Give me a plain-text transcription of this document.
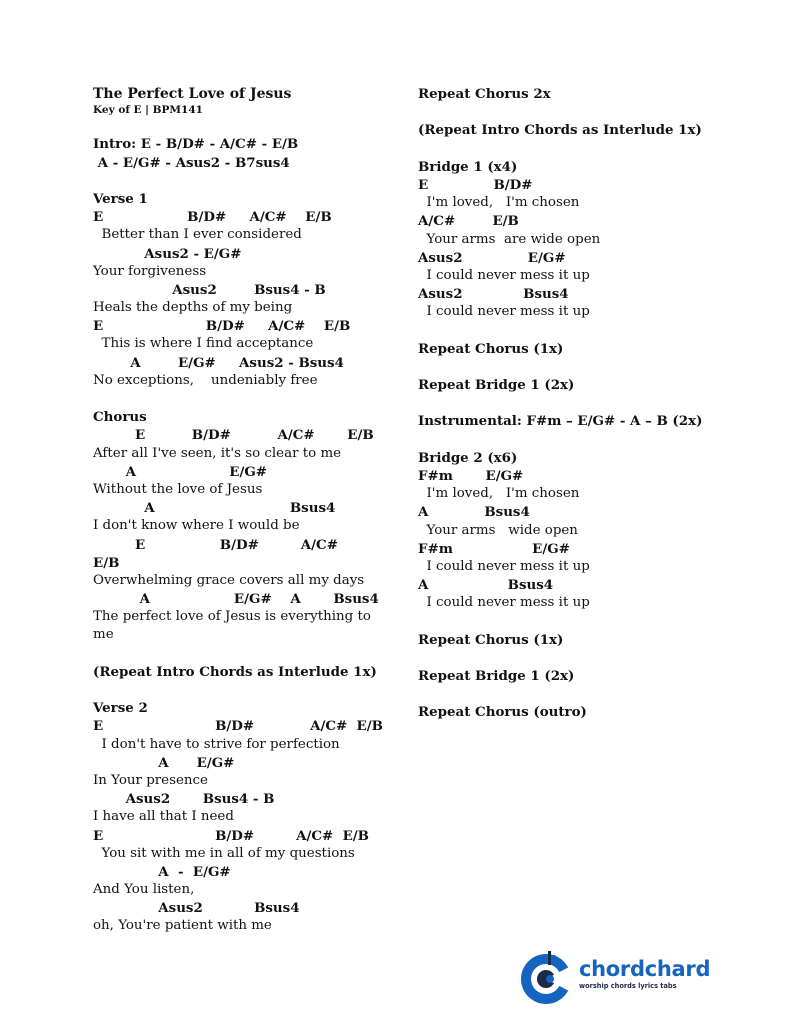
The Perfect Love of Jesus
Key of E | BPM141
Intro: E - B/D# - A/C# - E/B
A - E/G# - Asus2 - B7sus4
Verse 1
E                  B/D#     A/C#    E/B
Better than I ever considered
Asus2 - E/G#
Your forgiveness
Asus2        Bsus4 - B
Heals the depths of my being
E                      B/D#     A/C#    E/B
This is where I find acceptance
A        E/G#     Asus2 - Bsus4
No exceptions,    undeniably free
Chorus
E          B/D#          A/C#       E/B
After all I've seen, it's so clear to me
A                    E/G#
Without the love of Jesus
A                             Bsus4
I don't know where I would be
E                B/D#         A/C#
E/B
Overwhelming grace covers all my days
A                  E/G#    A       Bsus4
The perfect love of Jesus is everything to
me
(Repeat Intro Chords as Interlude 1x)
Verse 2
E                        B/D#            A/C#  E/B
I don't have to strive for perfection
A      E/G#
In Your presence
Asus2       Bsus4 - B
I have all that I need
E                        B/D#         A/C#  E/B
You sit with me in all of my questions
A  -  E/G#
And You listen,
Asus2           Bsus4
oh, You're patient with me
Repeat Chorus 2x
(Repeat Intro Chords as Interlude 1x)
Bridge 1 (x4)
E              B/D#
I'm loved,   I'm chosen
A/C#        E/B
Your arms  are wide open
Asus2              E/G#
I could never mess it up
Asus2             Bsus4
I could never mess it up
Repeat Chorus (1x)
Repeat Bridge 1 (2x)
Instrumental: F#m – E/G# - A – B (2x)
Bridge 2 (x6)
F#m       E/G#
I'm loved,   I'm chosen
A            Bsus4
Your arms   wide open
F#m                 E/G#
I could never mess it up
A                 Bsus4
I could never mess it up
Repeat Chorus (1x)
Repeat Bridge 1 (2x)
Repeat Chorus (outro)
chordchard
worship chords lyrics tabs
